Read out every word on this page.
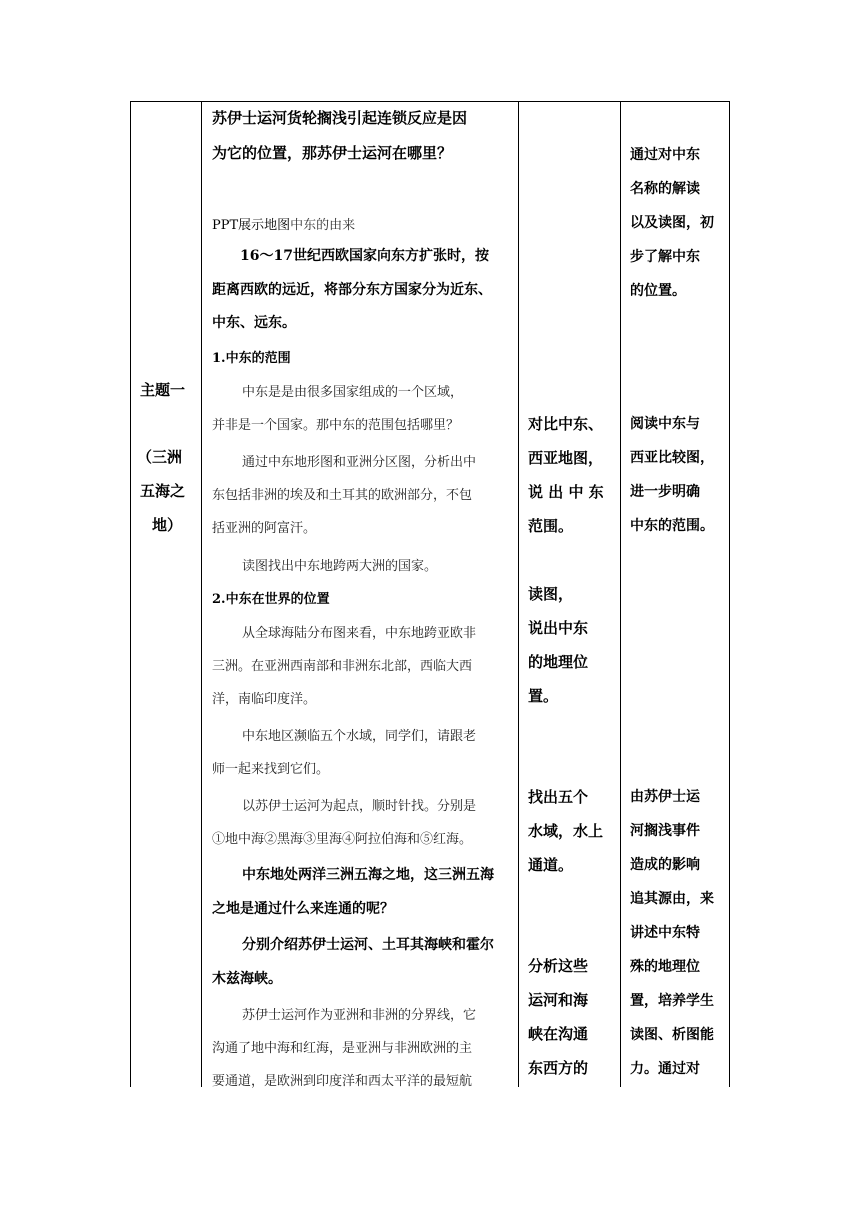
主题一
（三洲
五海之
地）
苏伊士运河货轮搁浅引起连锁反应是因
为它的位置，那苏伊士运河在哪里？
PPT展示地图中东的由来
16～17世纪西欧国家向东方扩张时，按
距离西欧的远近，将部分东方国家分为近东、
中东、远东。
1.中东的范围
中东是是由很多国家组成的一个区域，
并非是一个国家。那中东的范围包括哪里？
通过中东地形图和亚洲分区图，分析出中
东包括非洲的埃及和土耳其的欧洲部分，不包
括亚洲的阿富汗。
读图找出中东地跨两大洲的国家。
2.中东在世界的位置
从全球海陆分布图来看，中东地跨亚欧非
三洲。在亚洲西南部和非洲东北部，西临大西
洋，南临印度洋。
中东地区濒临五个水域，同学们，请跟老
师一起来找到它们。
以苏伊士运河为起点，顺时针找。分别是
①地中海②黑海③里海④阿拉伯海和⑤红海。
中东地处两洋三洲五海之地，这三洲五海
之地是通过什么来连通的呢？
分别介绍苏伊士运河、土耳其海峡和霍尔
木兹海峡。
苏伊士运河作为亚洲和非洲的分界线，它
沟通了地中海和红海，是亚洲与非洲欧洲的主
要通道，是欧洲到印度洋和西太平洋的最短航
对比中东、
西亚地图，
说 出 中 东
范围。
读图，
说出中东
的地理位
置。
找出五个
水域，水上
通道。
分析这些
运河和海
峡在沟通
东西方的
通过对中东
名称的解读
以及读图，初
步了解中东
的位置。
阅读中东与
西亚比较图，
进一步明确
中东的范围。
由苏伊士运
河搁浅事件
造成的影响
追其源由，来
讲述中东特
殊的地理位
置，培养学生
读图、析图能
力。通过对
